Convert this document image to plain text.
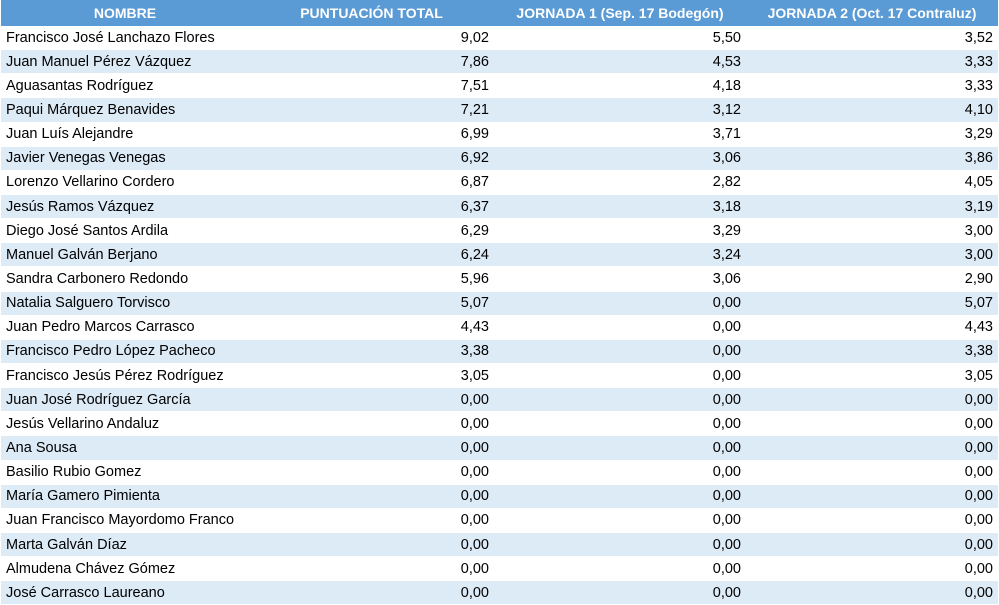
NOMBRE	PUNTUACIÓN TOTAL	JORNADA 1 (Sep. 17 Bodegón)	JORNADA 2 (Oct. 17 Contraluz)
Francisco José Lanchazo Flores	9,02	5,50	3,52
Juan Manuel Pérez Vázquez	7,86	4,53	3,33
Aguasantas Rodríguez	7,51	4,18	3,33
Paqui Márquez Benavides	7,21	3,12	4,10
Juan Luís Alejandre	6,99	3,71	3,29
Javier Venegas Venegas	6,92	3,06	3,86
Lorenzo Vellarino Cordero	6,87	2,82	4,05
Jesús Ramos Vázquez	6,37	3,18	3,19
Diego José Santos Ardila	6,29	3,29	3,00
Manuel Galván Berjano	6,24	3,24	3,00
Sandra Carbonero Redondo	5,96	3,06	2,90
Natalia Salguero Torvisco	5,07	0,00	5,07
Juan Pedro Marcos Carrasco	4,43	0,00	4,43
Francisco Pedro López Pacheco	3,38	0,00	3,38
Francisco Jesús Pérez Rodríguez	3,05	0,00	3,05
Juan José Rodríguez García	0,00	0,00	0,00
Jesús Vellarino Andaluz	0,00	0,00	0,00
Ana Sousa	0,00	0,00	0,00
Basilio Rubio Gomez	0,00	0,00	0,00
María Gamero Pimienta	0,00	0,00	0,00
Juan Francisco Mayordomo Franco	0,00	0,00	0,00
Marta Galván Díaz	0,00	0,00	0,00
Almudena Chávez Gómez	0,00	0,00	0,00
José Carrasco Laureano	0,00	0,00	0,00
